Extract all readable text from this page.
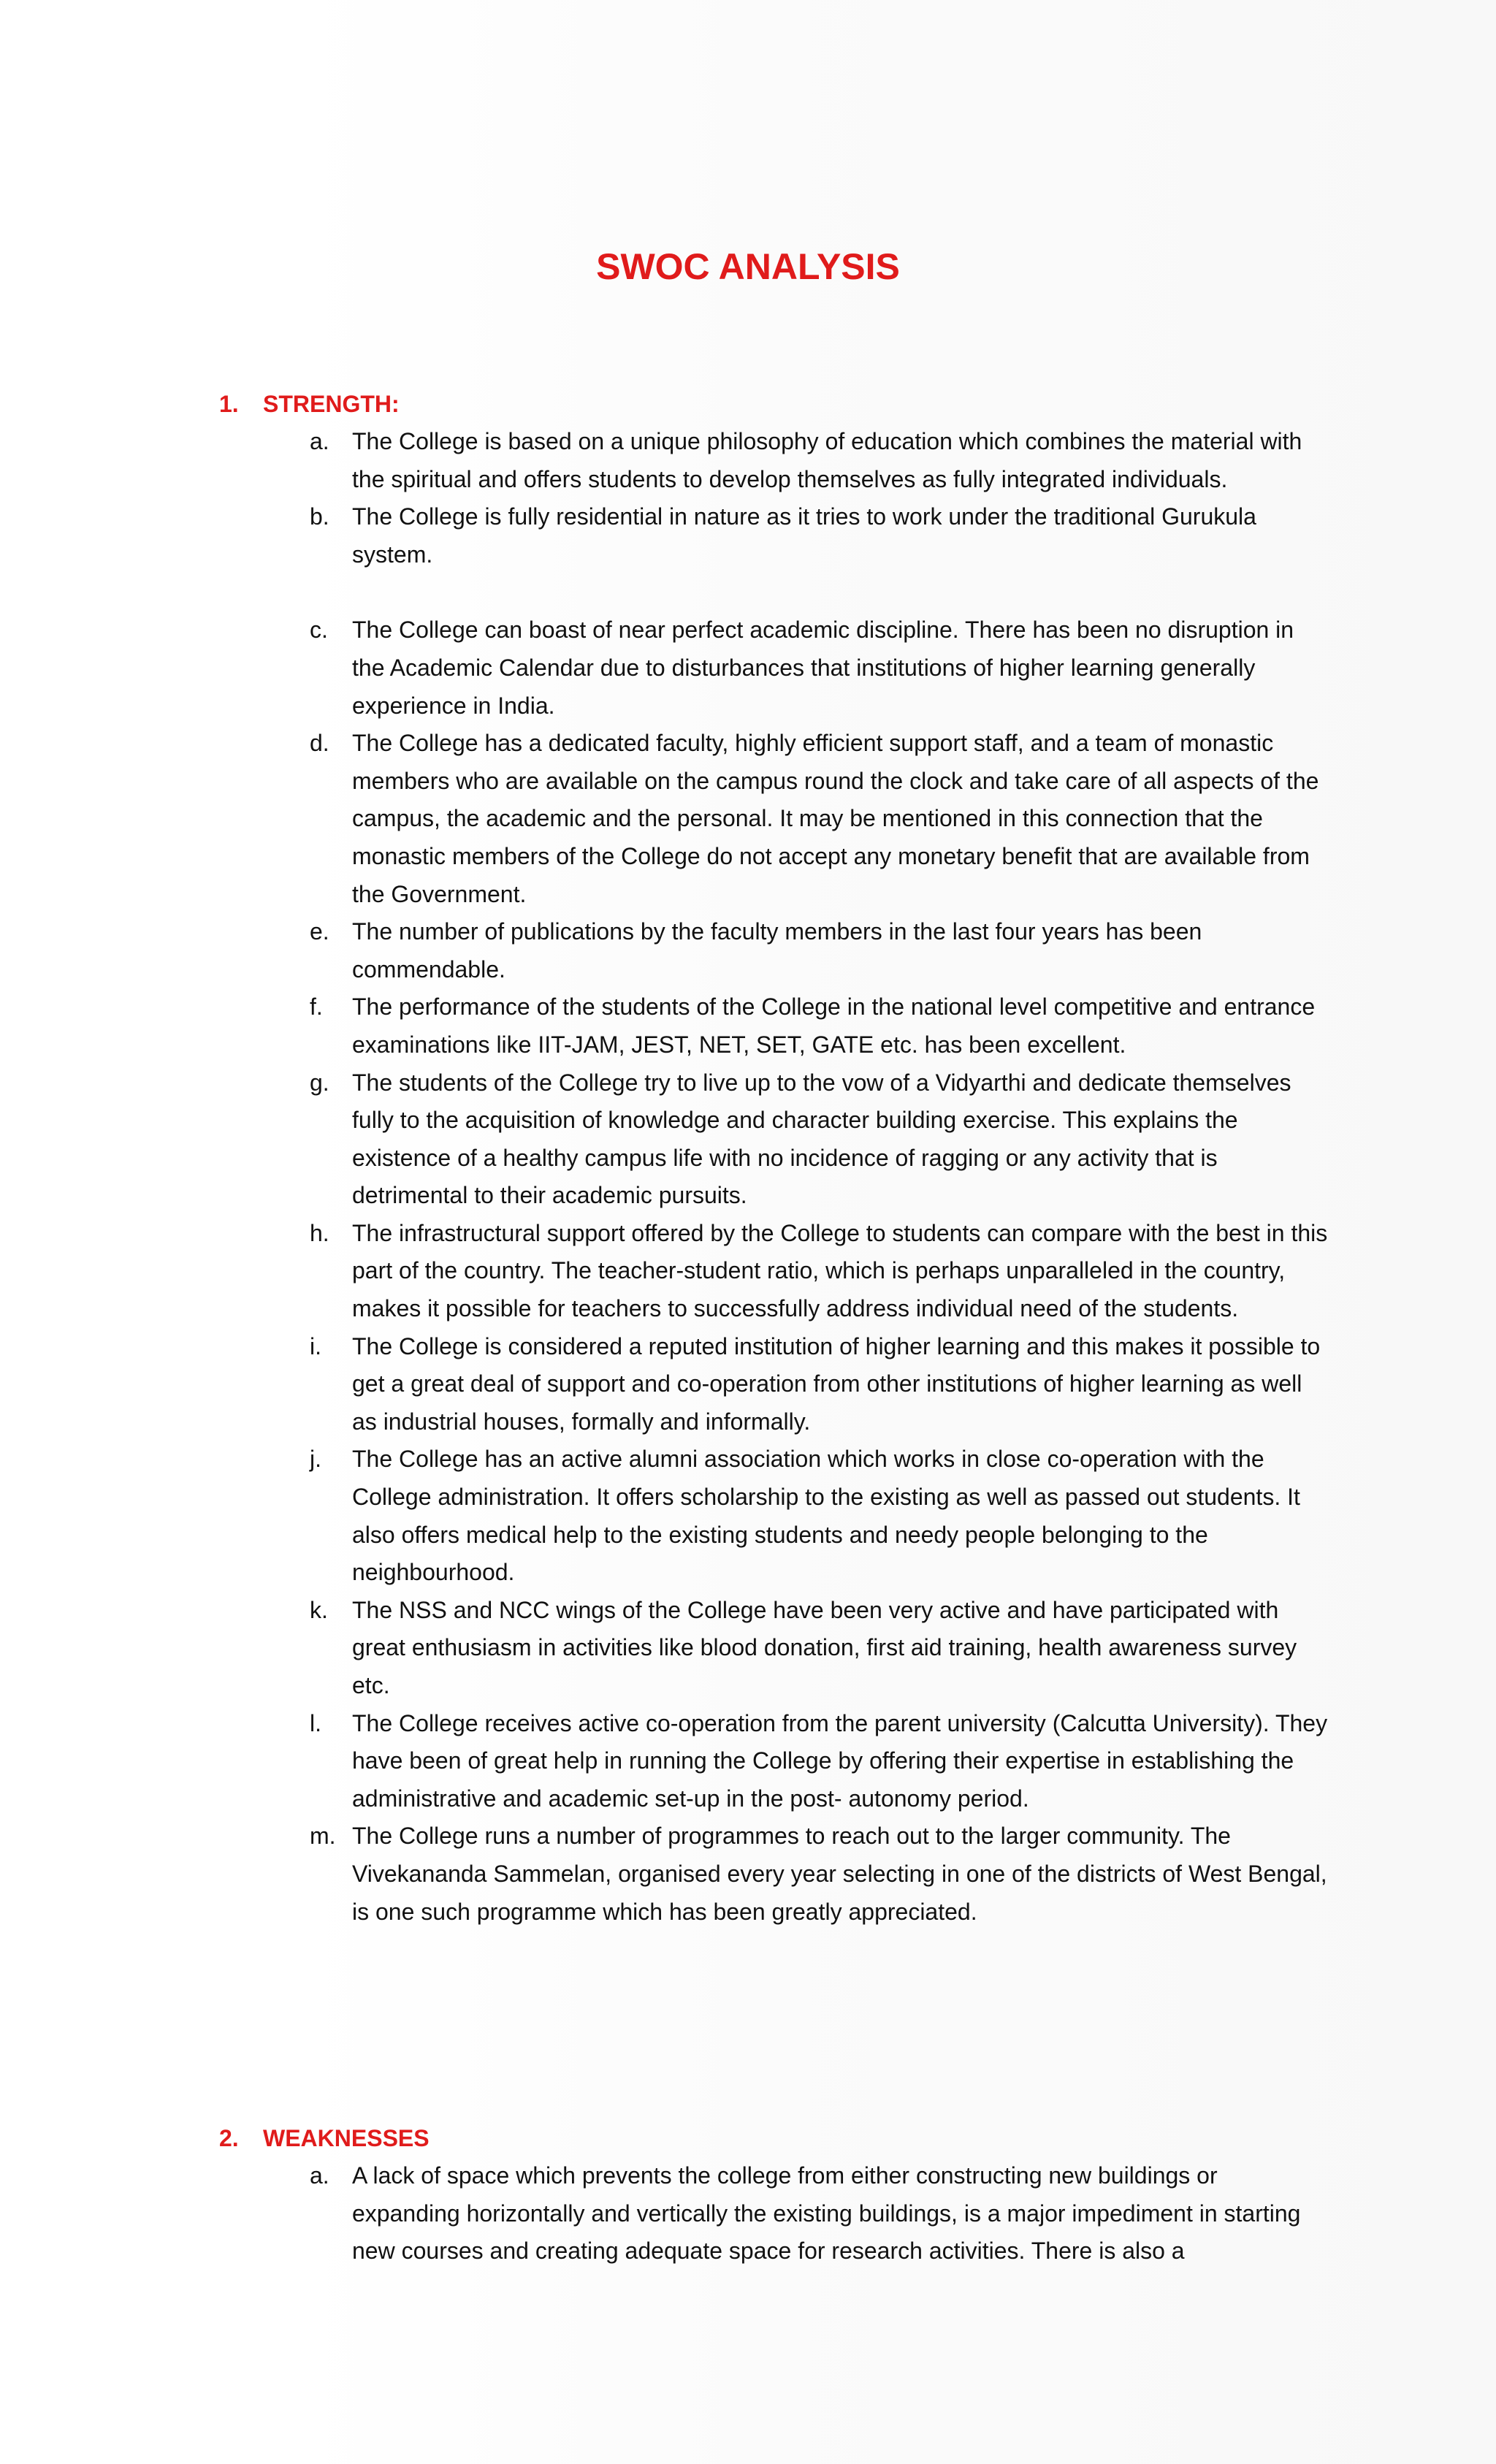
SWOC ANALYSIS
1.	STRENGTH:
a. The College is based on a unique philosophy of education which combines the material with the spiritual and offers students to develop themselves as fully integrated individuals.
b. The College is fully residential in nature as it tries to work under the traditional Gurukula system.
c. The College can boast of near perfect academic discipline. There has been no disruption in the Academic Calendar due to disturbances that institutions of higher learning generally experience in India.
d. The College has a dedicated faculty, highly efficient support staff, and a team of monastic members who are available on the campus round the clock and take care of all aspects of the campus, the academic and the personal. It may be mentioned in this connection that the monastic members of the College do not accept any monetary benefit that are available from the Government.
e. The number of publications by the faculty members in the last four years has been commendable.
f. The performance of the students of the College in the national level competitive and entrance examinations like IIT-JAM, JEST, NET, SET, GATE etc. has been excellent.
g. The students of the College try to live up to the vow of a Vidyarthi and dedicate themselves fully to the acquisition of knowledge and character building exercise. This explains the existence of a healthy campus life with no incidence of ragging or any activity that is detrimental to their academic pursuits.
h. The infrastructural support offered by the College to students can compare with the best in this part of the country. The teacher-student ratio, which is perhaps unparalleled in the country, makes it possible for teachers to successfully address individual need of the students.
i. The College is considered a reputed institution of higher learning and this makes it possible to get a great deal of support and co-operation from other institutions of higher learning as well as industrial houses, formally and informally.
j. The College has an active alumni association which works in close co-operation with the College administration. It offers scholarship to the existing as well as passed out students. It also offers medical help to the existing students and needy people belonging to the neighbourhood.
k. The NSS and NCC wings of the College have been very active and have participated with great enthusiasm in activities like blood donation, first aid training, health awareness survey etc.
l. The College receives active co-operation from the parent university (Calcutta University). They have been of great help in running the College by offering their expertise in establishing the administrative and academic set-up in the post- autonomy period.
m. The College runs a number of programmes to reach out to the larger community. The Vivekananda Sammelan, organised every year selecting in one of the districts of West Bengal, is one such programme which has been greatly appreciated.
2.	WEAKNESSES
a. A lack of space which prevents the college from either constructing new buildings or expanding horizontally and vertically the existing buildings, is a major impediment in starting new courses and creating adequate space for research activities. There is also a
